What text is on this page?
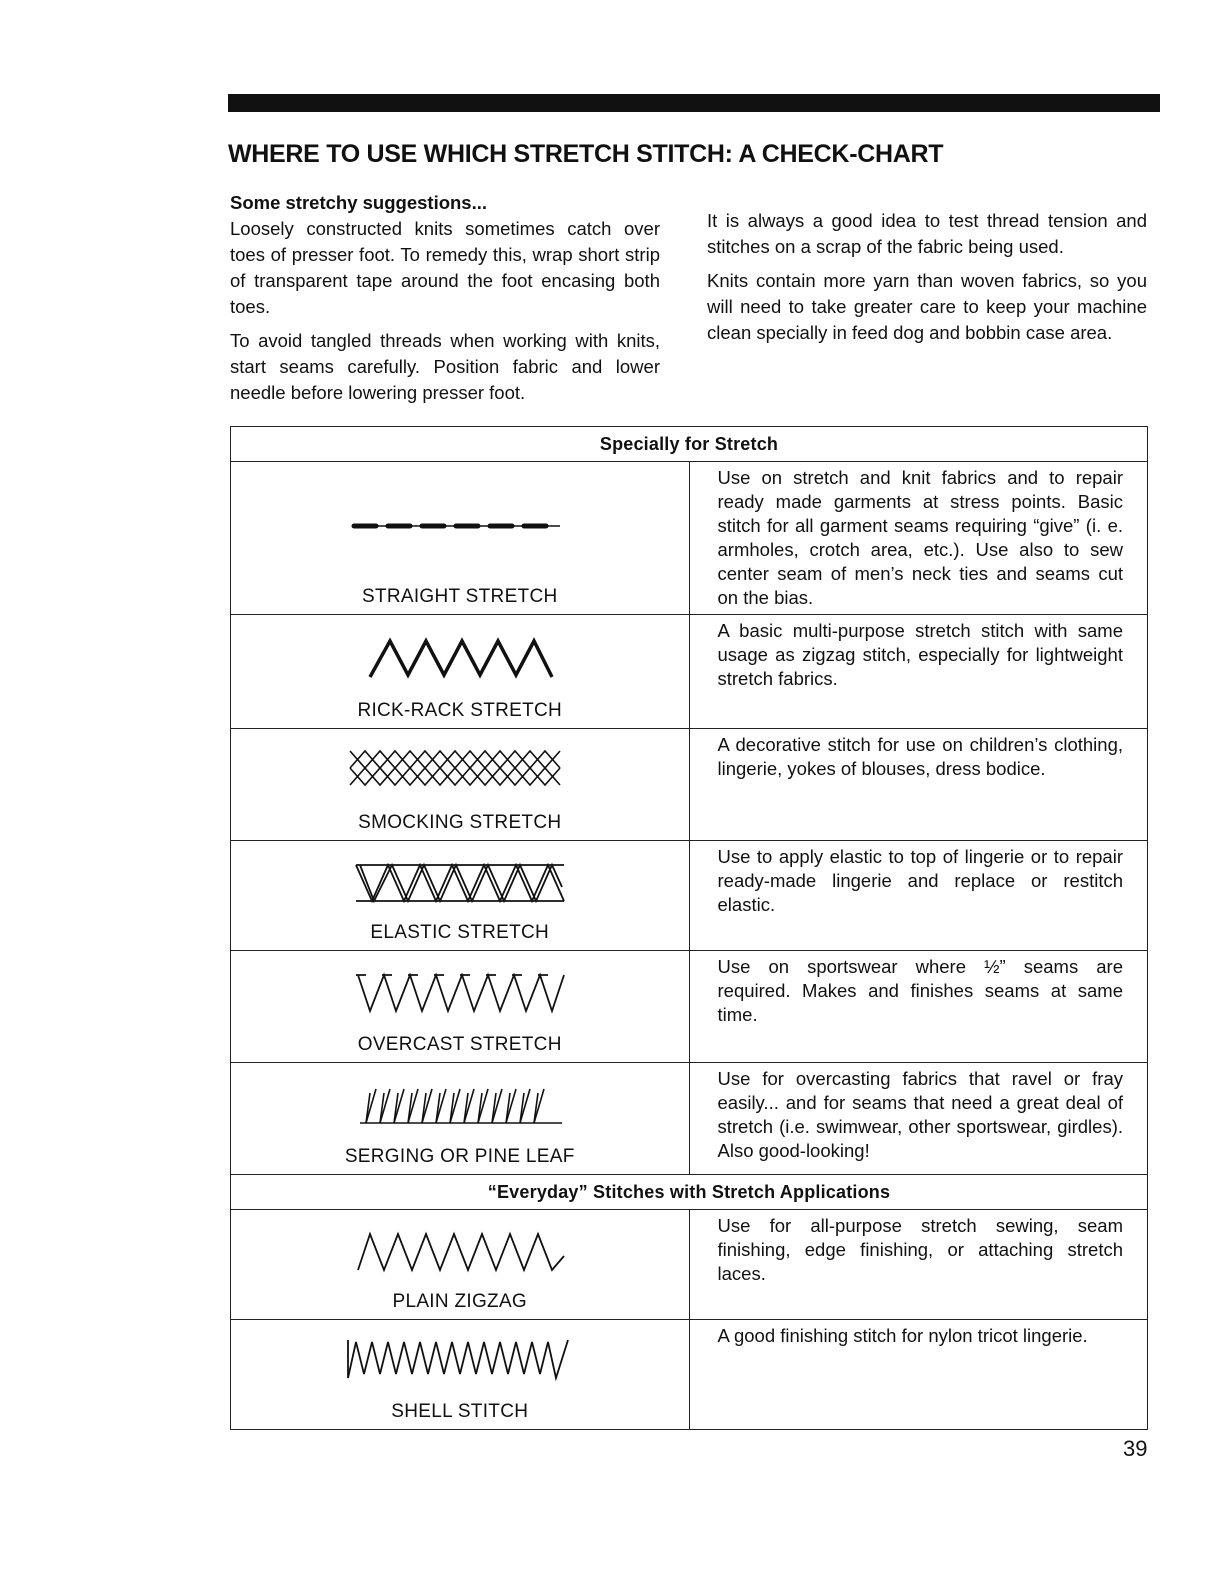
WHERE TO USE WHICH STRETCH STITCH: A CHECK-CHART

Some stretchy suggestions...

Loosely constructed knits sometimes catch over toes of presser foot. To remedy this, wrap short strip of transparent tape around the foot encasing both toes.

To avoid tangled threads when working with knits, start seams carefully. Position fabric and lower needle before lowering presser foot.

It is always a good idea to test thread tension and stitches on a scrap of the fabric being used.

Knits contain more yarn than woven fabrics, so you will need to take greater care to keep your machine clean specially in feed dog and bobbin case area.

Specially for Stretch	

STRAIGHT STRETCH	Use on stretch and knit fabrics and to repair ready made garments at stress points. Basic stitch for all garment seams requiring “give” (i. e. armholes, crotch area, etc.). Use also to sew center seam of men’s neck ties and seams cut on the bias.

RICK-RACK STRETCH	A basic multi-purpose stretch stitch with same usage as zigzag stitch, especially for lightweight stretch fabrics.

SMOCKING STRETCH	A decorative stitch for use on children’s clothing, lingerie, yokes of blouses, dress bodice.

ELASTIC STRETCH	Use to apply elastic to top of lingerie or to repair ready-made lingerie and replace or restitch elastic.

OVERCAST STRETCH	Use on sportswear where ½” seams are required. Makes and finishes seams at same time.

SERGING OR PINE LEAF	Use for overcasting fabrics that ravel or fray easily... and for seams that need a great deal of stretch (i.e. swimwear, other sportswear, girdles). Also good-looking!
“Everyday” Stitches with Stretch Applications	

PLAIN ZIGZAG	Use for all-purpose stretch sewing, seam finishing, edge finishing, or attaching stretch laces.

SHELL STITCH	A good finishing stitch for nylon tricot lingerie.
39
